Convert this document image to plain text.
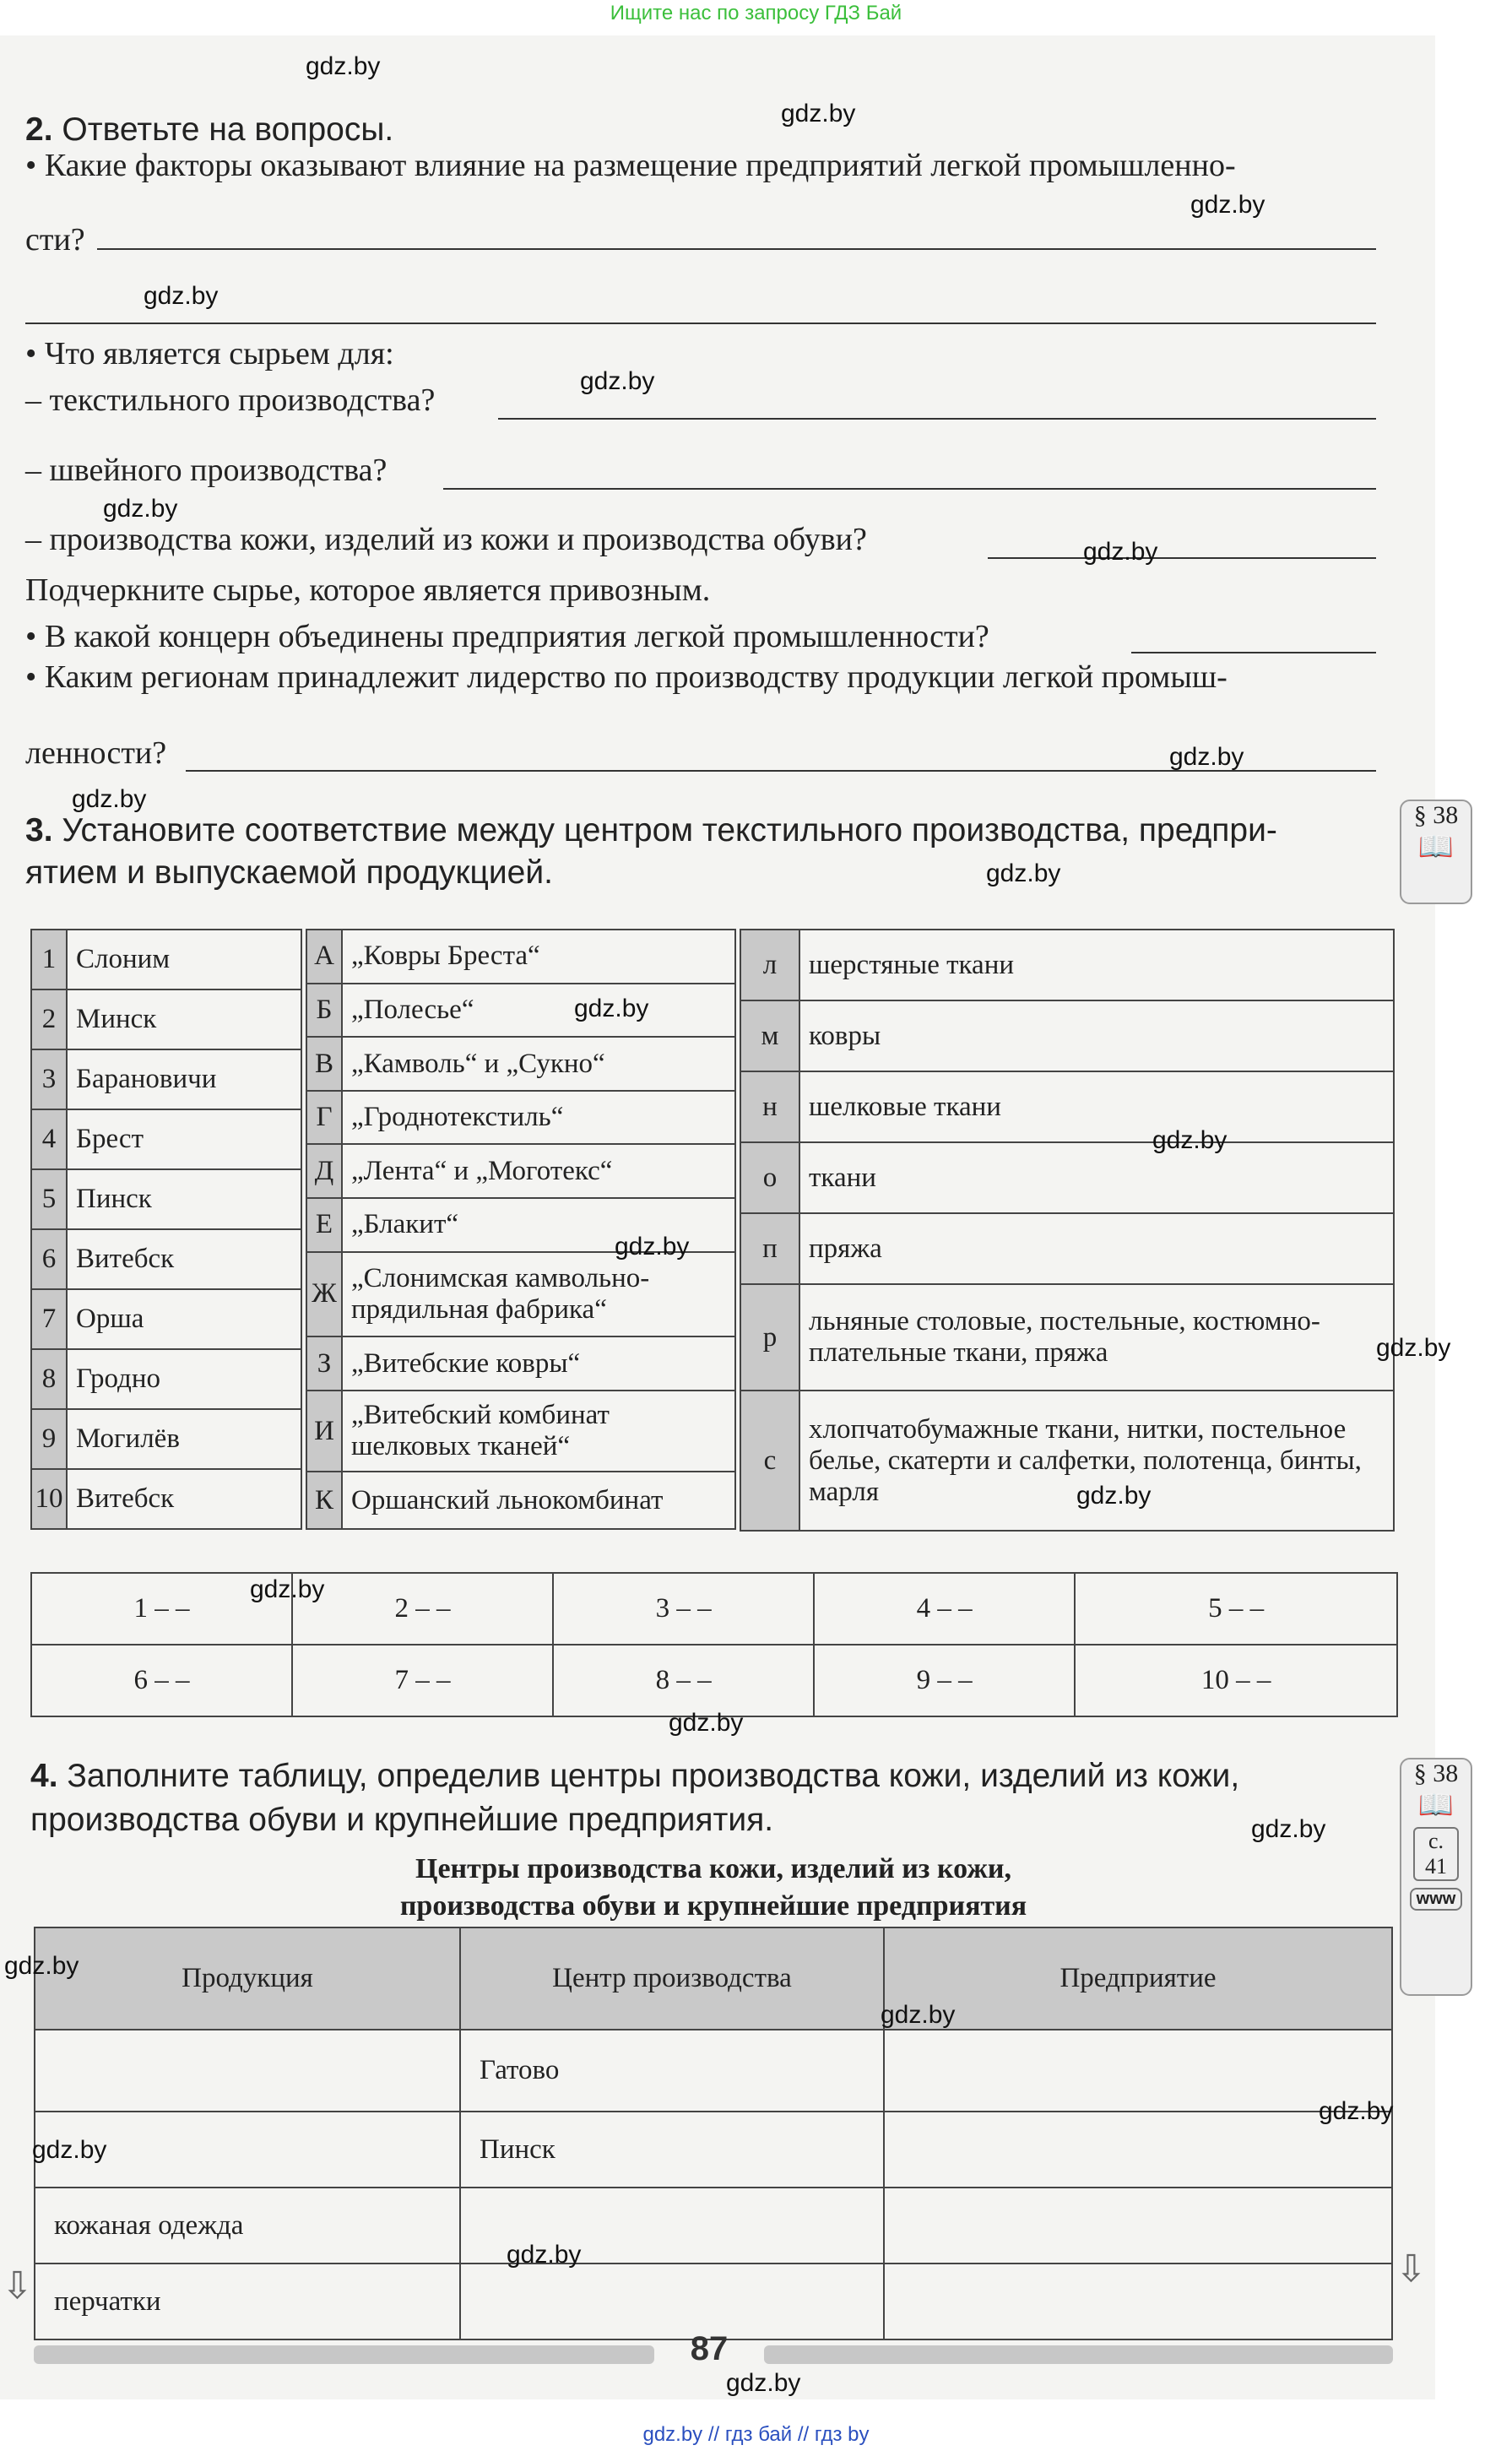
Ищите нас по запросу ГДЗ Бай
gdz.by // гдз бай // гдз by
2. Ответьте на вопросы.
• Какие факторы оказывают влияние на размещение предприятий легкой промышленно-
сти?
• Что является сырьем для:
– текстильного производства?
– швейного производства?
– производства кожи, изделий из кожи и производства обуви?
Подчеркните сырье, которое является привозным.
• В какой концерн объединены предприятия легкой промышленности?
• Каким регионам принадлежит лидерство по производству продукции легкой промыш-
ленности?
3. Установите соответствие между центром текстильного производства, предпри-
ятием и выпускаемой продукцией.
1	Слоним
2	Минск
3	Барановичи
4	Брест
5	Пинск
6	Витебск
7	Орша
8	Гродно
9	Могилёв
10	Витебск
А	„Ковры Бреста“
Б	„Полесье“
В	„Камволь“ и „Сукно“
Г	„Гроднотекстиль“
Д	„Лента“ и „Моготекс“
Е	„Блакит“
Ж	„Слонимская камвольно-прядильная фабрика“
З	„Витебские ковры“
И	„Витебский комбинат шелковых тканей“
К	Оршанский льнокомбинат
л	шерстяные ткани
м	ковры
н	шелковые ткани
о	ткани
п	пряжа
р	льняные столовые, постельные, костюмно-плательные ткани, пряжа
с	хлопчатобумажные ткани, нитки, постельное белье, скатерти и салфетки, полотенца, бинты, марля
1 – –	2 – –	3 – –	4 – –	5 – –
6 – –	7 – –	8 – –	9 – –	10 – –
4. Заполните таблицу, определив центры производства кожи, изделий из кожи,
производства обуви и крупнейшие предприятия.
Центры производства кожи, изделий из кожи,
производства обуви и крупнейшие предприятия
Продукция	Центр производства	Предприятие
	Гатово	
	Пинск	
кожаная одежда		
перчатки		
§ 38
📖
§ 38
📖
с. 41
www
⇩	⇩
87
gdz.by
gdz.by
gdz.by
gdz.by
gdz.by
gdz.by
gdz.by
gdz.by
gdz.by
gdz.by
gdz.by
gdz.by
gdz.by
gdz.by
gdz.by
gdz.by
gdz.by
gdz.by
gdz.by
gdz.by
gdz.by
gdz.by
gdz.by
gdz.by
